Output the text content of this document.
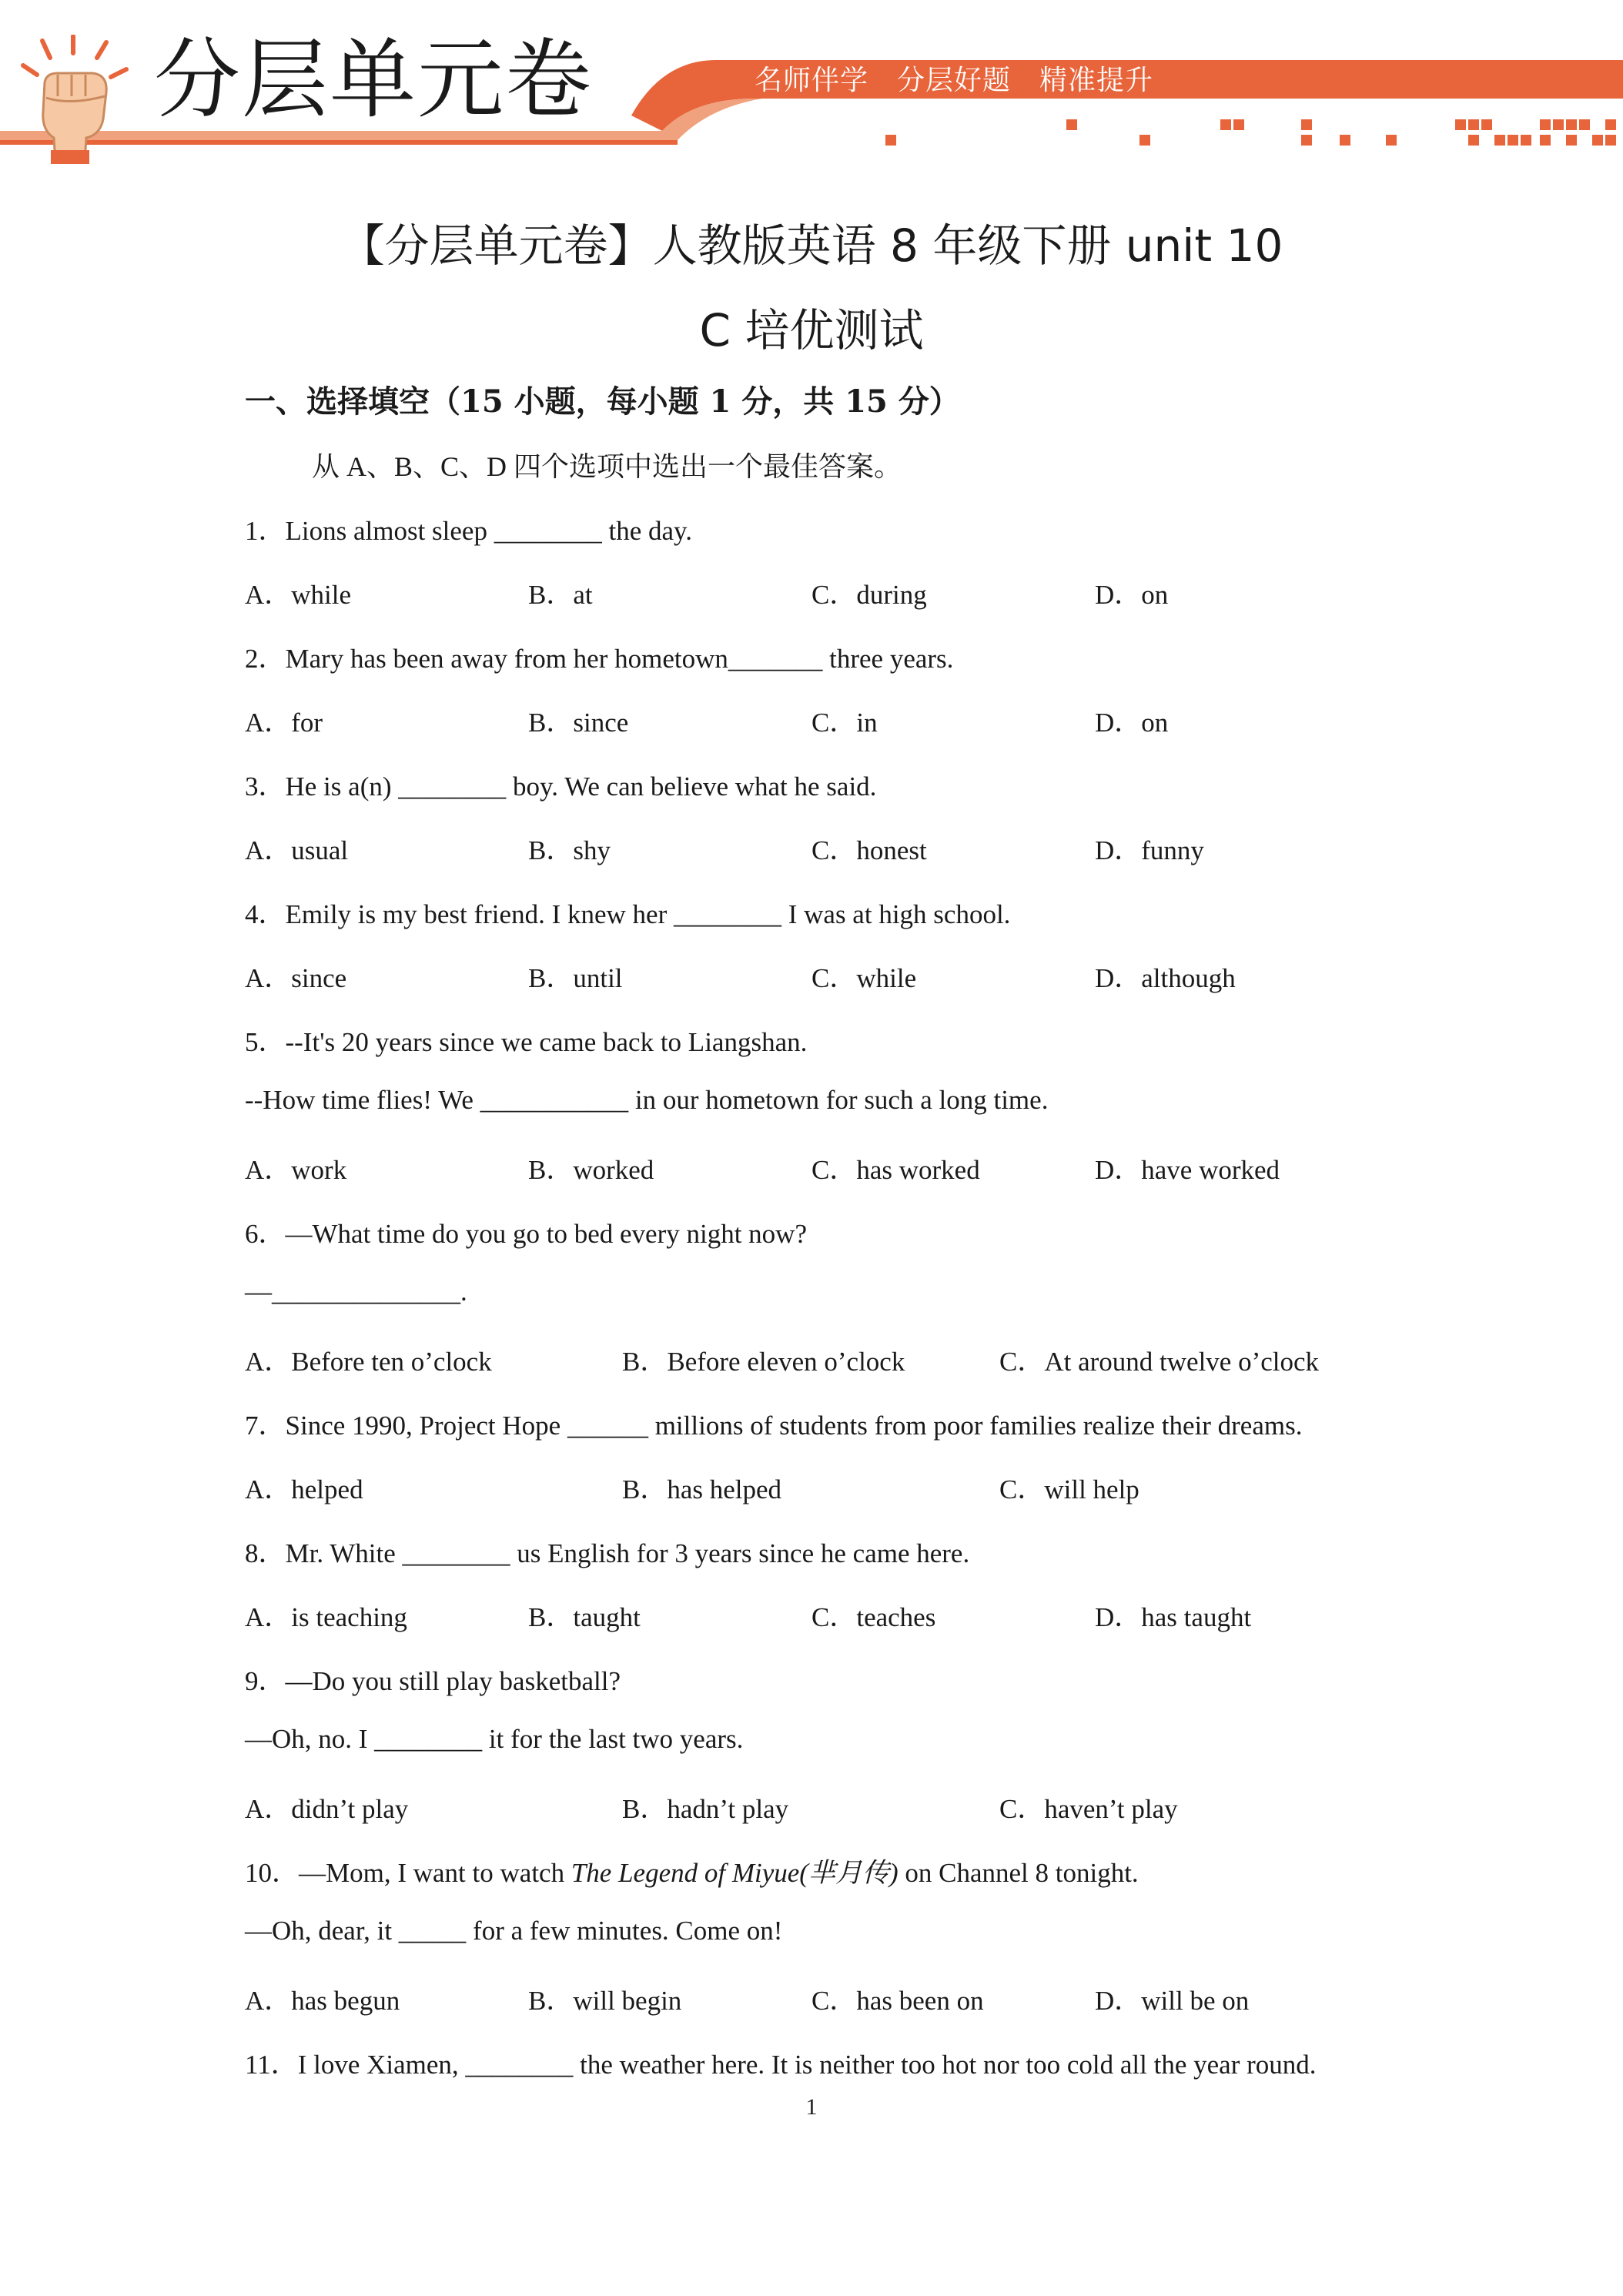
分层单元卷	名师伴学　分层好题　精准提升
【分层单元卷】人教版英语 8 年级下册 unit 10
C 培优测试
一、选择填空（15 小题，每小题 1 分，共 15 分）
从 A、B、C、D 四个选项中选出一个最佳答案。
1．Lions almost sleep ________ the day.
A．while	B．at	C．during	D．on
2．Mary has been away from her hometown_______ three years.
A．for	B．since	C．in	D．on
3．He is a(n) ________ boy. We can believe what he said.
A．usual	B．shy	C．honest	D．funny
4．Emily is my best friend. I knew her ________ I was at high school.
A．since	B．until	C．while	D．although
5．--It's 20 years since we came back to Liangshan.
--How time flies! We ___________ in our hometown for such a long time.
A．work	B．worked	C．has worked	D．have worked
6．—What time do you go to bed every night now?
—______________.
A．Before ten o’clock	B．Before eleven o’clock	C．At around twelve o’clock
7．Since 1990, Project Hope ______ millions of students from poor families realize their dreams.
A．helped	B．has helped	C．will help
8．Mr. White ________ us English for 3 years since he came here.
A．is teaching	B．taught	C．teaches	D．has taught
9．—Do you still play basketball?
—Oh, no. I ________ it for the last two years.
A．didn’t play	B．hadn’t play	C．haven’t play
10．—Mom, I want to watch The Legend of Miyue(芈月传) on Channel 8 tonight.
—Oh, dear, it _____ for a few minutes. Come on!
A．has begun	B．will begin	C．has been on	D．will be on
11．I love Xiamen, ________ the weather here. It is neither too hot nor too cold all the year round.
1
